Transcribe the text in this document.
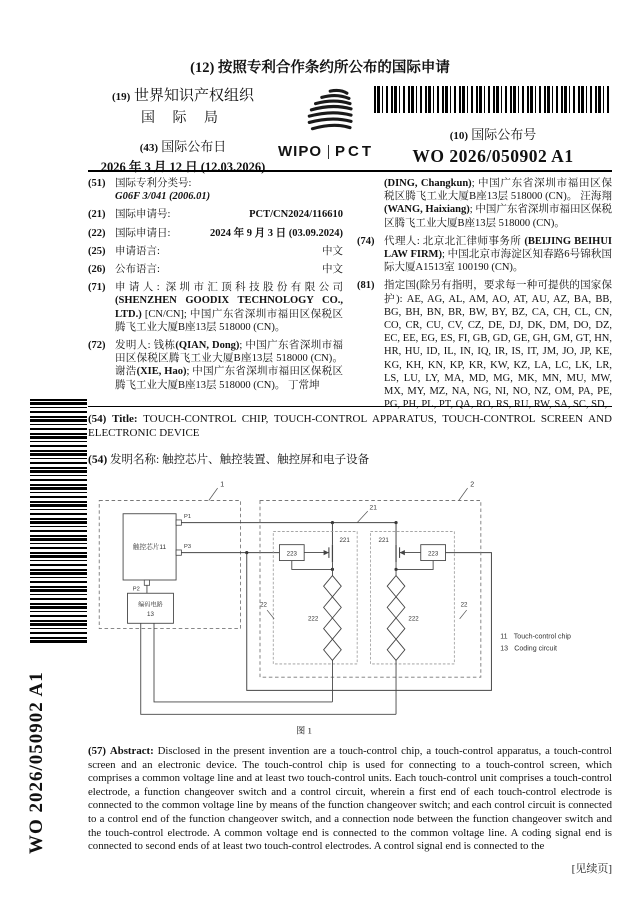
(12) 按照专利合作条约所公布的国际申请
(19) 世界知识产权组织
国 际 局
(43) 国际公布日
2026 年 3 月 12 日 (12.03.2026)
WIPO PCT
(10) 国际公布号
WO 2026/050902 A1
(51) 国际专利分类号:
G06F 3/041 (2006.01)
(21) 国际申请号:	PCT/CN2024/116610
(22) 国际申请日:	2024 年 9 月 3 日 (03.09.2024)
(25) 申请语言:	中文
(26) 公布语言:	中文
(71) 申请人: 深圳市汇顶科技股份有限公司 (SHENZHEN GOODIX TECHNOLOGY CO., LTD.) [CN/CN]; 中国广东省深圳市福田区保税区腾飞工业大厦B座13层 518000 (CN)。
(72) 发明人: 钱栋(QIAN, Dong); 中国广东省深圳市福田区保税区腾飞工业大厦B座13层 518000 (CN)。 谢浩(XIE, Hao); 中国广东省深圳市福田区保税区腾飞工业大厦B座13层 518000 (CN)。 丁常坤
(DING, Changkun); 中国广东省深圳市福田区保税区腾飞工业大厦B座13层 518000 (CN)。 汪海翔 (WANG, Haixiang); 中国广东省深圳市福田区保税区腾飞工业大厦B座13层 518000 (CN)。
(74) 代理人: 北京北汇律师事务所 (BEIJING BEIHUI LAW FIRM); 中国北京市海淀区知春路6号锦秋国际大厦A1513室 100190 (CN)。
(81) 指定国(除另有指明，要求每一种可提供的国家保护): AE, AG, AL, AM, AO, AT, AU, AZ, BA, BB, BG, BH, BN, BR, BW, BY, BZ, CA, CH, CL, CN, CO, CR, CU, CV, CZ, DE, DJ, DK, DM, DO, DZ, EC, EE, EG, ES, FI, GB, GD, GE, GH, GM, GT, HN, HR, HU, ID, IL, IN, IQ, IR, IS, IT, JM, JO, JP, KE, KG, KH, KN, KP, KR, KW, KZ, LA, LC, LK, LR, LS, LU, LY, MA, MD, MG, MK, MN, MU, MW, MX, MY, MZ, NA, NG, NI, NO, NZ, OM, PA, PE, PG, PH, PL, PT, QA, RO, RS, RU, RW, SA, SC, SD,
(54) Title: TOUCH-CONTROL CHIP, TOUCH-CONTROL APPARATUS, TOUCH-CONTROL SCREEN AND ELECTRONIC DEVICE
(54) 发明名称: 触控芯片、触控装置、触控屏和电子设备
1
触控芯片11
P1
P3
P2
编码电路
13
21
2
22
223
221
222
22
223
221
222
11 Touch-control chip
13 Coding circuit
图 1
(57) Abstract: Disclosed in the present invention are a touch-control chip, a touch-control apparatus, a touch-control screen and an electronic device. The touch-control chip is used for connecting to a touch-control screen, which comprises a common voltage line and at least two touch-control units. Each touch-control unit comprises a touch-control electrode, a function changeover switch and a control circuit, wherein a first end of each touch-control electrode is connected to the common voltage line by means of the function changeover switch; and each control circuit is connected to a control end of the function changeover switch, and a connection node between the function changeover switch and the touch-control electrode. A common voltage end is connected to the common voltage line. A coding signal end is connected to second ends of at least two touch-control electrodes. A control signal end is connected to the
[见续页]
WO 2026/050902 A1
